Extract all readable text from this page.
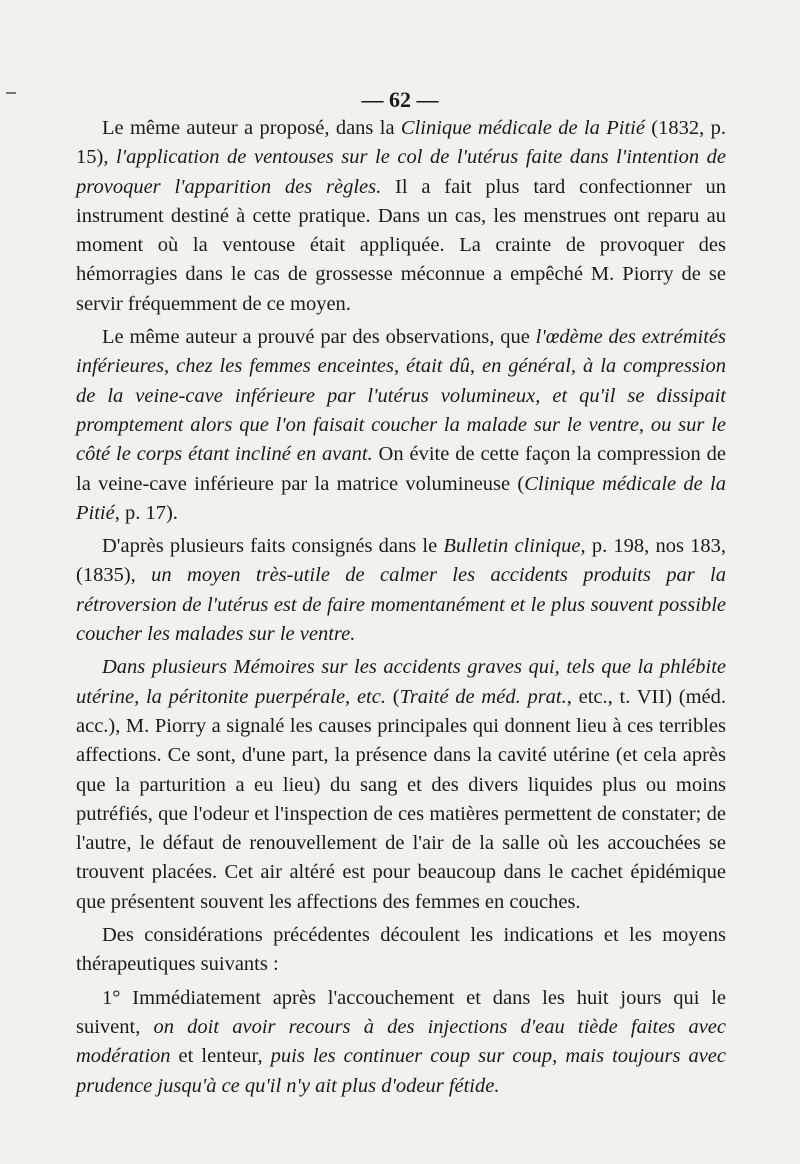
— 62 —

Le même auteur a proposé, dans la Clinique médicale de la Pitié (1832, p. 15), l'application de ventouses sur le col de l'utérus faite dans l'intention de provoquer l'apparition des règles. Il a fait plus tard confectionner un instrument destiné à cette pratique. Dans un cas, les menstrues ont reparu au moment où la ventouse était appliquée. La crainte de provoquer des hémorragies dans le cas de grossesse méconnue a empêché M. Piorry de se servir fréquemment de ce moyen.

Le même auteur a prouvé par des observations, que l'œdème des extrémités inférieures, chez les femmes enceintes, était dû, en général, à la compression de la veine-cave inférieure par l'utérus volumineux, et qu'il se dissipait promptement alors que l'on faisait coucher la malade sur le ventre, ou sur le côté le corps étant incliné en avant. On évite de cette façon la compression de la veine-cave inférieure par la matrice volumineuse (Clinique médicale de la Pitié, p. 17).

D'après plusieurs faits consignés dans le Bulletin clinique, p. 198, nos 183, (1835), un moyen très-utile de calmer les accidents produits par la rétroversion de l'utérus est de faire momentanément et le plus souvent possible coucher les malades sur le ventre.

Dans plusieurs Mémoires sur les accidents graves qui, tels que la phlébite utérine, la péritonite puerpérale, etc. (Traité de méd. prat., etc., t. VII) (méd. acc.), M. Piorry a signalé les causes principales qui donnent lieu à ces terribles affections. Ce sont, d'une part, la présence dans la cavité utérine (et cela après que la parturition a eu lieu) du sang et des divers liquides plus ou moins putréfiés, que l'odeur et l'inspection de ces matières permettent de constater; de l'autre, le défaut de renouvellement de l'air de la salle où les accouchées se trouvent placées. Cet air altéré est pour beaucoup dans le cachet épidémique que présentent souvent les affections des femmes en couches.

Des considérations précédentes découlent les indications et les moyens thérapeutiques suivants :

1° Immédiatement après l'accouchement et dans les huit jours qui le suivent, on doit avoir recours à des injections d'eau tiède faites avec modération et lenteur, puis les continuer coup sur coup, mais toujours avec prudence jusqu'à ce qu'il n'y ait plus d'odeur fétide.
